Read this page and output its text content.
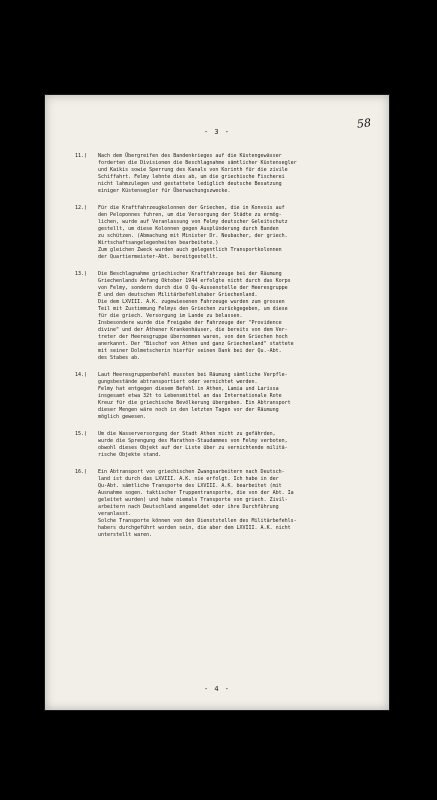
58
- 3 -
11.)	Nach dem Übergreifen des Bandenkrieges auf die Küstengewässer
forderten die Divisionen die Beschlagnahme sämtlicher Küstensegler
und Kaikis sowie Sperrung des Kanals von Korinth für die zivile
Schiffahrt. Felmy lehnte dies ab, um die griechische Fischerei
nicht lahmzulegen und gestattete lediglich deutsche Besatzung
einiger Küstensegler für Überwachungszwecke.
12.)	Für die Kraftfahrzeugkolonnen der Griechen, die in Konvois auf
den Peloponnes fuhren, um die Versorgung der Städte zu ermög-
lichen, wurde auf Veranlassung von Felmy deutscher Geleitschutz
gestellt, um diese Kolonnen gegen Ausplünderung durch Banden
zu schützen. (Abmachung mit Minister Dr. Neubacher, der griech.
Wirtschaftsangelegenheiten bearbeitete.)
Zum gleichen Zweck wurden auch gelegentlich Transportkolonnen
der Quartiermeister-Abt. bereitgestellt.
13.)	Die Beschlagnahme griechischer Kraftfahrzeuge bei der Räumung
Griechenlands Anfang Oktober 1944 erfolgte nicht durch das Korps
von Felmy, sondern durch die O Qu-Aussenstelle der Heeresgruppe
E und den deutschen Militärbefehlshaber Griechenland.
Die dem LXVIII. A.K. zugewiesenen Fahrzeuge wurden zum grossen
Teil mit Zustimmung Felmys den Griechen zurückgegeben, um diese
für die griech. Versorgung im Lande zu belassen.
Insbesondere wurde die Freigabe der Fahrzeuge der "Providence
divine" und der Athener Krankenhäuser, die bereits von dem Ver-
treter der Heeresgruppe übernommen waren, von den Griechen hoch
anerkannt. Der "Bischof von Athen und ganz Griechenland" stattete
mit seiner Dolmetscherin hierfür seinen Dank bei der Qu.-Abt.
des Stabes ab.
14.)	Laut Heeresgruppenbefehl mussten bei Räumung sämtliche Verpfle-
gungsbestände abtransportiert oder vernichtet werden.
Felmy hat entgegen diesem Befehl in Athen, Lamia und Larissa
insgesamt etwa 32t to Lebensmittel an das Internationale Rote
Kreuz für die griechische Bevölkerung übergeben. Ein Abtransport
dieser Mengen wäre noch in den letzten Tagen vor der Räumung
möglich gewesen.
15.)	Um die Wasserversorgung der Stadt Athen nicht zu gefährden,
wurde die Sprengung des Marathon-Staudammes von Felmy verboten,
obwohl dieses Objekt auf der Liste über zu vernichtende militä-
rische Objekte stand.
16.)	Ein Abtransport von griechischen Zwangsarbeitern nach Deutsch-
land ist durch das LXVIII. A.K. nie erfolgt. Ich habe in der
Qu-Abt. sämtliche Transporte des LXVIII. A.K. bearbeitet (mit
Ausnahme sogen. taktischer Truppentransporte, die von der Abt. Ia
geleitet wurden) und habe niemals Transporte von griech. Zivil-
arbeitern nach Deutschland angemeldet oder ihre Durchführung
veranlasst.
Solche Transporte können von den Dienststellen des Militärbefehls-
habers durchgeführt worden sein, die aber dem LXVIII. A.K. nicht
unterstellt waren.
- 4 -
